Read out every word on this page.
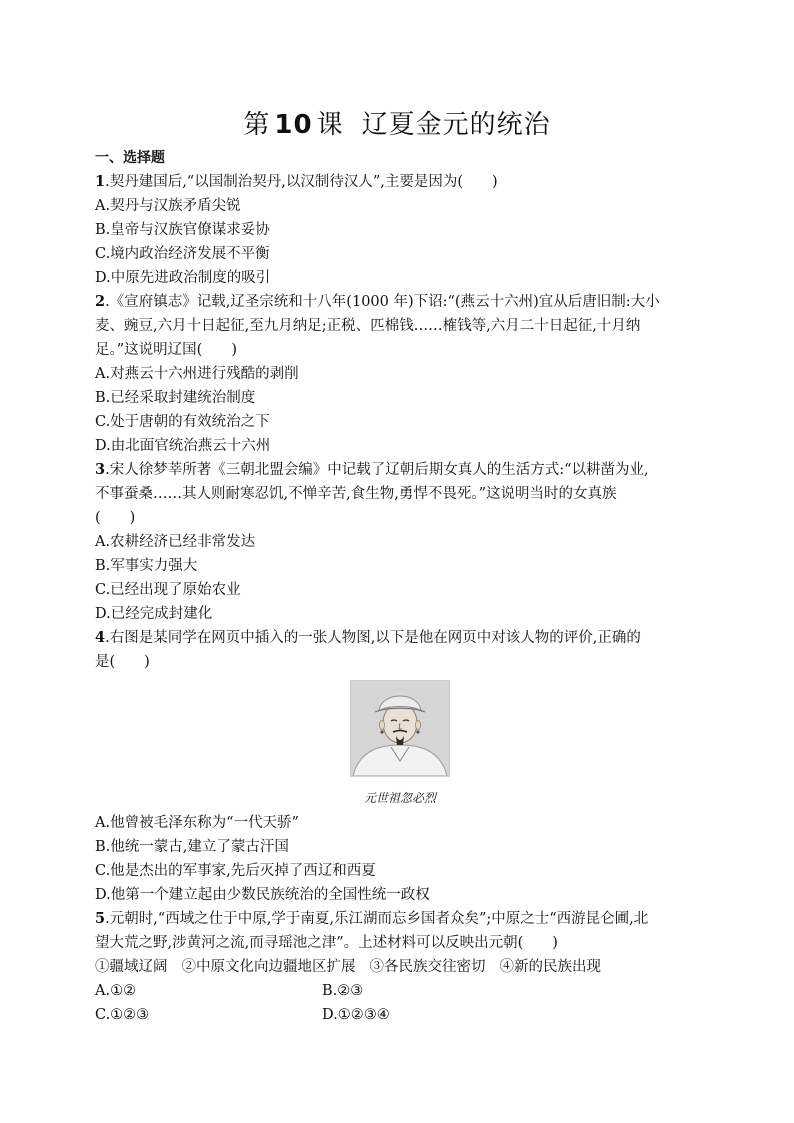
第 10 课 辽夏金元的统治
一、选择题
1.契丹建国后,“以国制治契丹,以汉制待汉人”,主要是因为(　　)
A.契丹与汉族矛盾尖锐
B.皇帝与汉族官僚谋求妥协
C.境内政治经济发展不平衡
D.中原先进政治制度的吸引
2.《宣府镇志》记载,辽圣宗统和十八年(1000 年)下诏:“(燕云十六州)宜从后唐旧制:大小
麦、豌豆,六月十日起征,至九月纳足;正税、匹棉钱……榷钱等,六月二十日起征,十月纳
足。”这说明辽国(　　)
A.对燕云十六州进行残酷的剥削
B.已经采取封建统治制度
C.处于唐朝的有效统治之下
D.由北面官统治燕云十六州
3.宋人徐梦莘所著《三朝北盟会编》中记载了辽朝后期女真人的生活方式:“以耕凿为业,
不事蚕桑……其人则耐寒忍饥,不惮辛苦,食生物,勇悍不畏死。”这说明当时的女真族
(　　)
A.农耕经济已经非常发达
B.军事实力强大
C.已经出现了原始农业
D.已经完成封建化
4.右图是某同学在网页中插入的一张人物图,以下是他在网页中对该人物的评价,正确的
是(　　)
元世祖忽必烈
A.他曾被毛泽东称为“一代天骄”
B.他统一蒙古,建立了蒙古汗国
C.他是杰出的军事家,先后灭掉了西辽和西夏
D.他第一个建立起由少数民族统治的全国性统一政权
5.元朝时,“西域之仕于中原,学于南夏,乐江湖而忘乡国者众矣”;中原之士“西游昆仑圃,北
望大荒之野,涉黄河之流,而寻瑶池之津”。上述材料可以反映出元朝(　　)
①疆域辽阔 ②中原文化向边疆地区扩展 ③各民族交往密切 ④新的民族出现
A.①②	B.②③
C.①②③	D.①②③④
